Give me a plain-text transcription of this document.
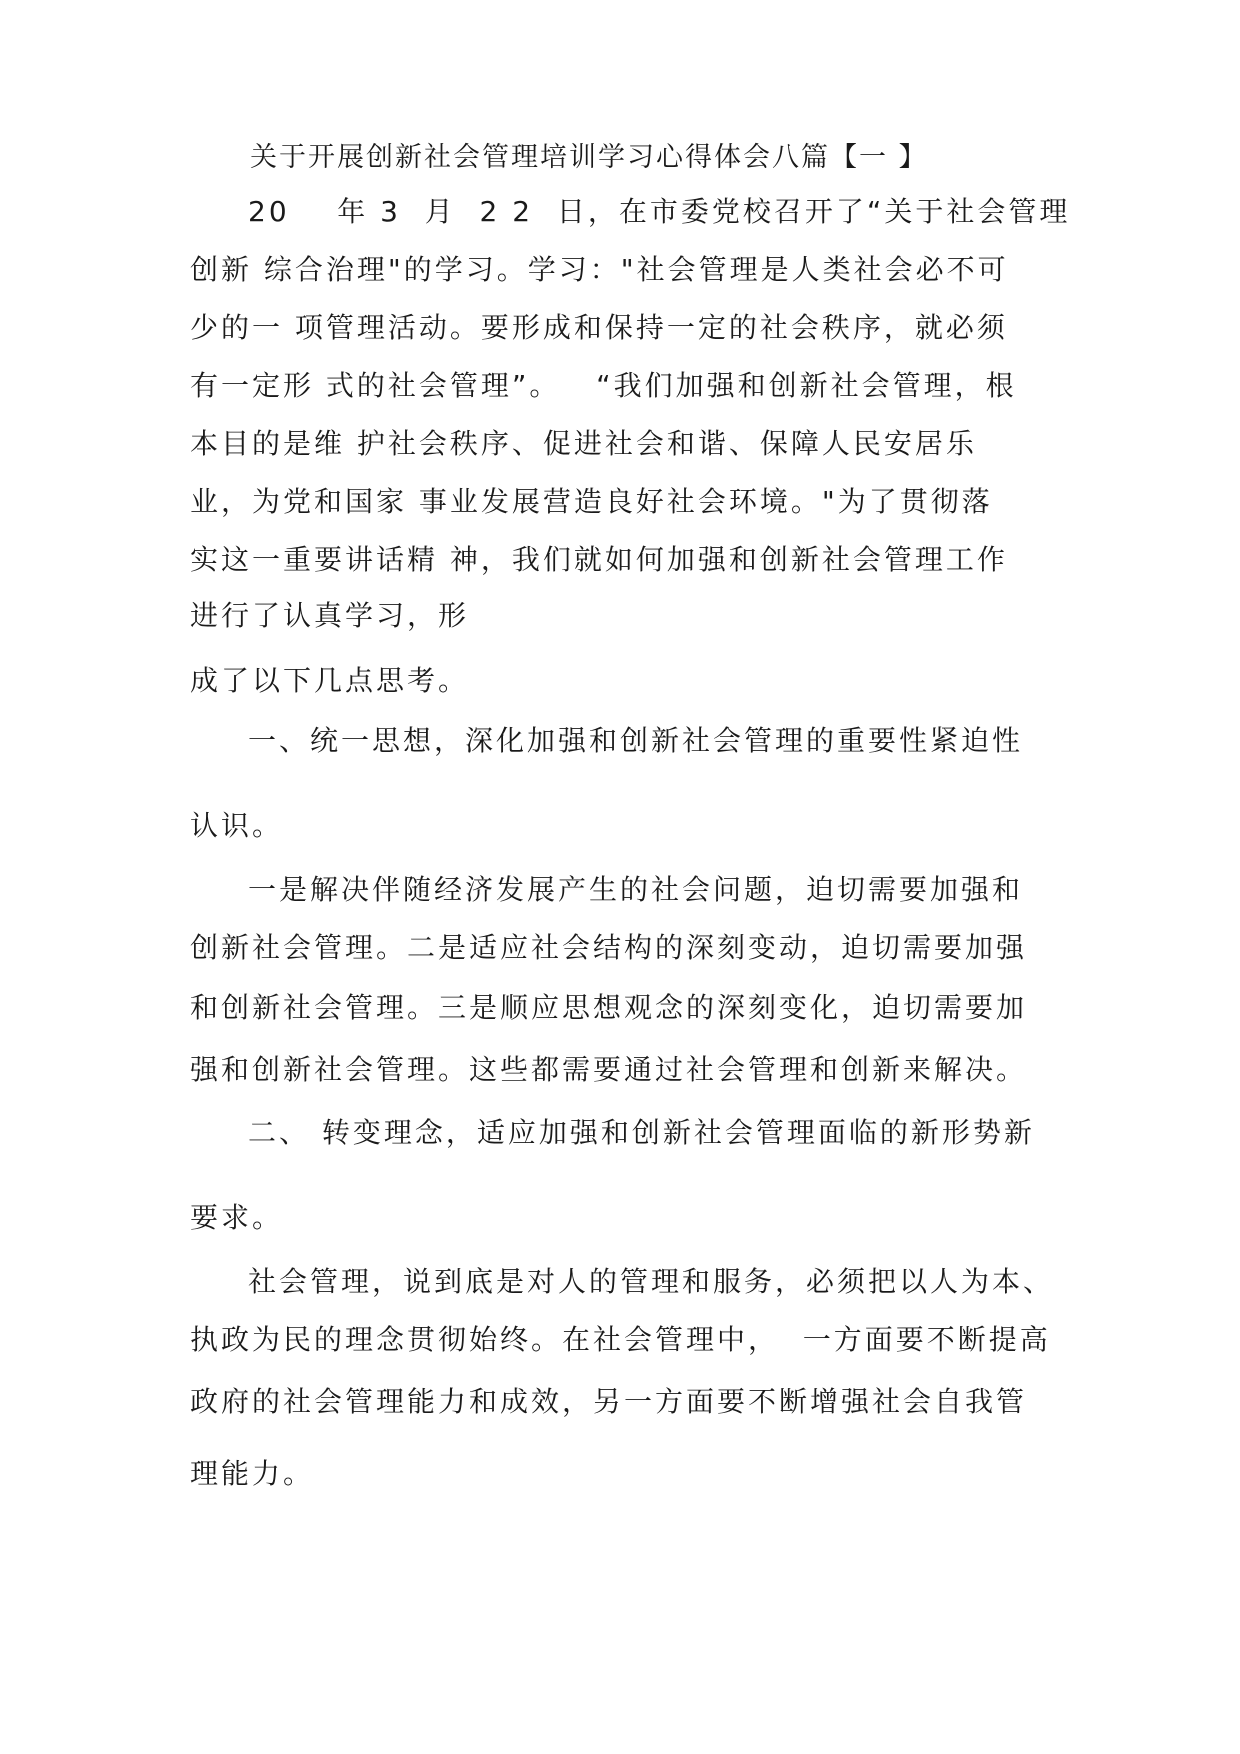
关于开展创新社会管理培训学习心得体会八篇【一 】
20    年 3  月  2 2  日，在市委党校召开了“关于社会管理
创新 综合治理"的学习。学习："社会管理是人类社会必不可
少的一 项管理活动。要形成和保持一定的社会秩序，就必须
有一定形 式的社会管理”。   “我们加强和创新社会管理，根
本目的是维 护社会秩序、促进社会和谐、保障人民安居乐
业，为党和国家 事业发展营造良好社会环境。"为了贯彻落
实这一重要讲话精 神，我们就如何加强和创新社会管理工作
进行了认真学习，形
成了以下几点思考。
一、统一思想，深化加强和创新社会管理的重要性紧迫性
认识。
一是解决伴随经济发展产生的社会问题，迫切需要加强和
创新社会管理。二是适应社会结构的深刻变动，迫切需要加强
和创新社会管理。三是顺应思想观念的深刻变化，迫切需要加
强和创新社会管理。这些都需要通过社会管理和创新来解决。
二、 转变理念，适应加强和创新社会管理面临的新形势新
要求。
社会管理，说到底是对人的管理和服务，必须把以人为本、
执政为民的理念贯彻始终。在社会管理中，  一方面要不断提高
政府的社会管理能力和成效，另一方面要不断增强社会自我管
理能力。
